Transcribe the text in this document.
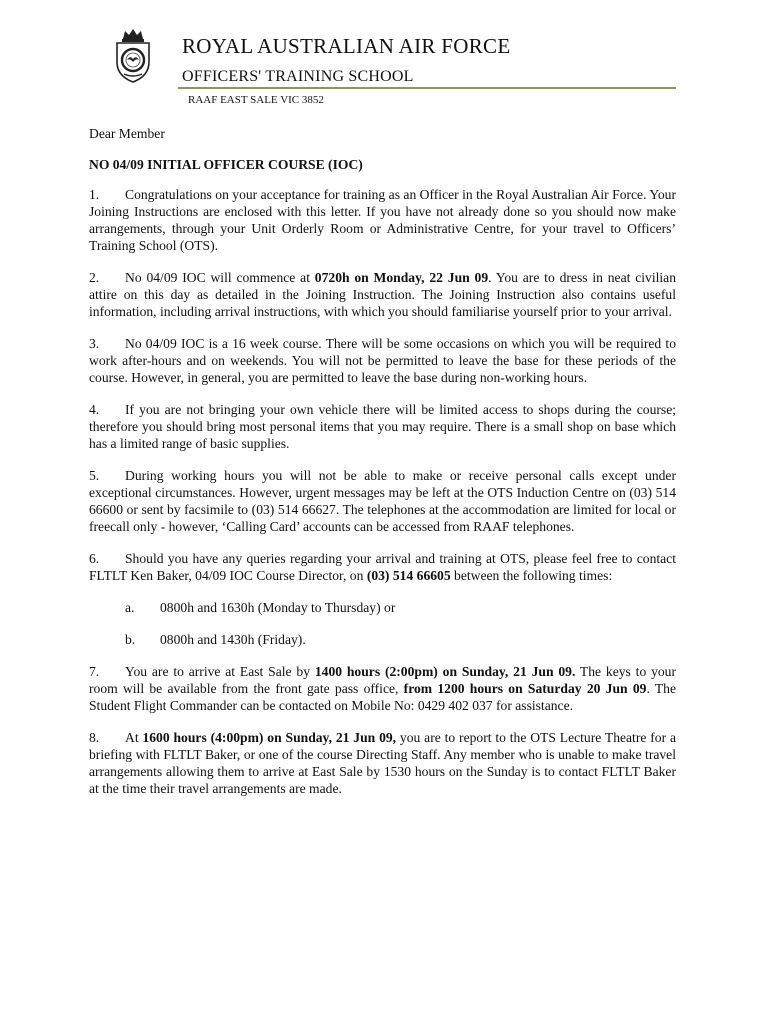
ROYAL AUSTRALIAN AIR FORCE
OFFICERS' TRAINING SCHOOL
RAAF EAST SALE VIC 3852

Dear Member

NO 04/09 INITIAL OFFICER COURSE (IOC)

1. Congratulations on your acceptance for training as an Officer in the Royal Australian Air Force. Your Joining Instructions are enclosed with this letter. If you have not already done so you should now make arrangements, through your Unit Orderly Room or Administrative Centre, for your travel to Officers’ Training School (OTS).

2. No 04/09 IOC will commence at 0720h on Monday, 22 Jun 09. You are to dress in neat civilian attire on this day as detailed in the Joining Instruction. The Joining Instruction also contains useful information, including arrival instructions, with which you should familiarise yourself prior to your arrival.

3. No 04/09 IOC is a 16 week course. There will be some occasions on which you will be required to work after-hours and on weekends. You will not be permitted to leave the base for these periods of the course. However, in general, you are permitted to leave the base during non-working hours.

4. If you are not bringing your own vehicle there will be limited access to shops during the course; therefore you should bring most personal items that you may require. There is a small shop on base which has a limited range of basic supplies.

5. During working hours you will not be able to make or receive personal calls except under exceptional circumstances. However, urgent messages may be left at the OTS Induction Centre on (03) 514 66600 or sent by facsimile to (03) 514 66627. The telephones at the accommodation are limited for local or freecall only - however, ‘Calling Card’ accounts can be accessed from RAAF telephones.

6. Should you have any queries regarding your arrival and training at OTS, please feel free to contact FLTLT Ken Baker, 04/09 IOC Course Director, on (03) 514 66605 between the following times:

a. 0800h and 1630h (Monday to Thursday) or

b. 0800h and 1430h (Friday).

7. You are to arrive at East Sale by 1400 hours (2:00pm) on Sunday, 21 Jun 09. The keys to your room will be available from the front gate pass office, from 1200 hours on Saturday 20 Jun 09. The Student Flight Commander can be contacted on Mobile No: 0429 402 037 for assistance.

8. At 1600 hours (4:00pm) on Sunday, 21 Jun 09, you are to report to the OTS Lecture Theatre for a briefing with FLTLT Baker, or one of the course Directing Staff. Any member who is unable to make travel arrangements allowing them to arrive at East Sale by 1530 hours on the Sunday is to contact FLTLT Baker at the time their travel arrangements are made.
